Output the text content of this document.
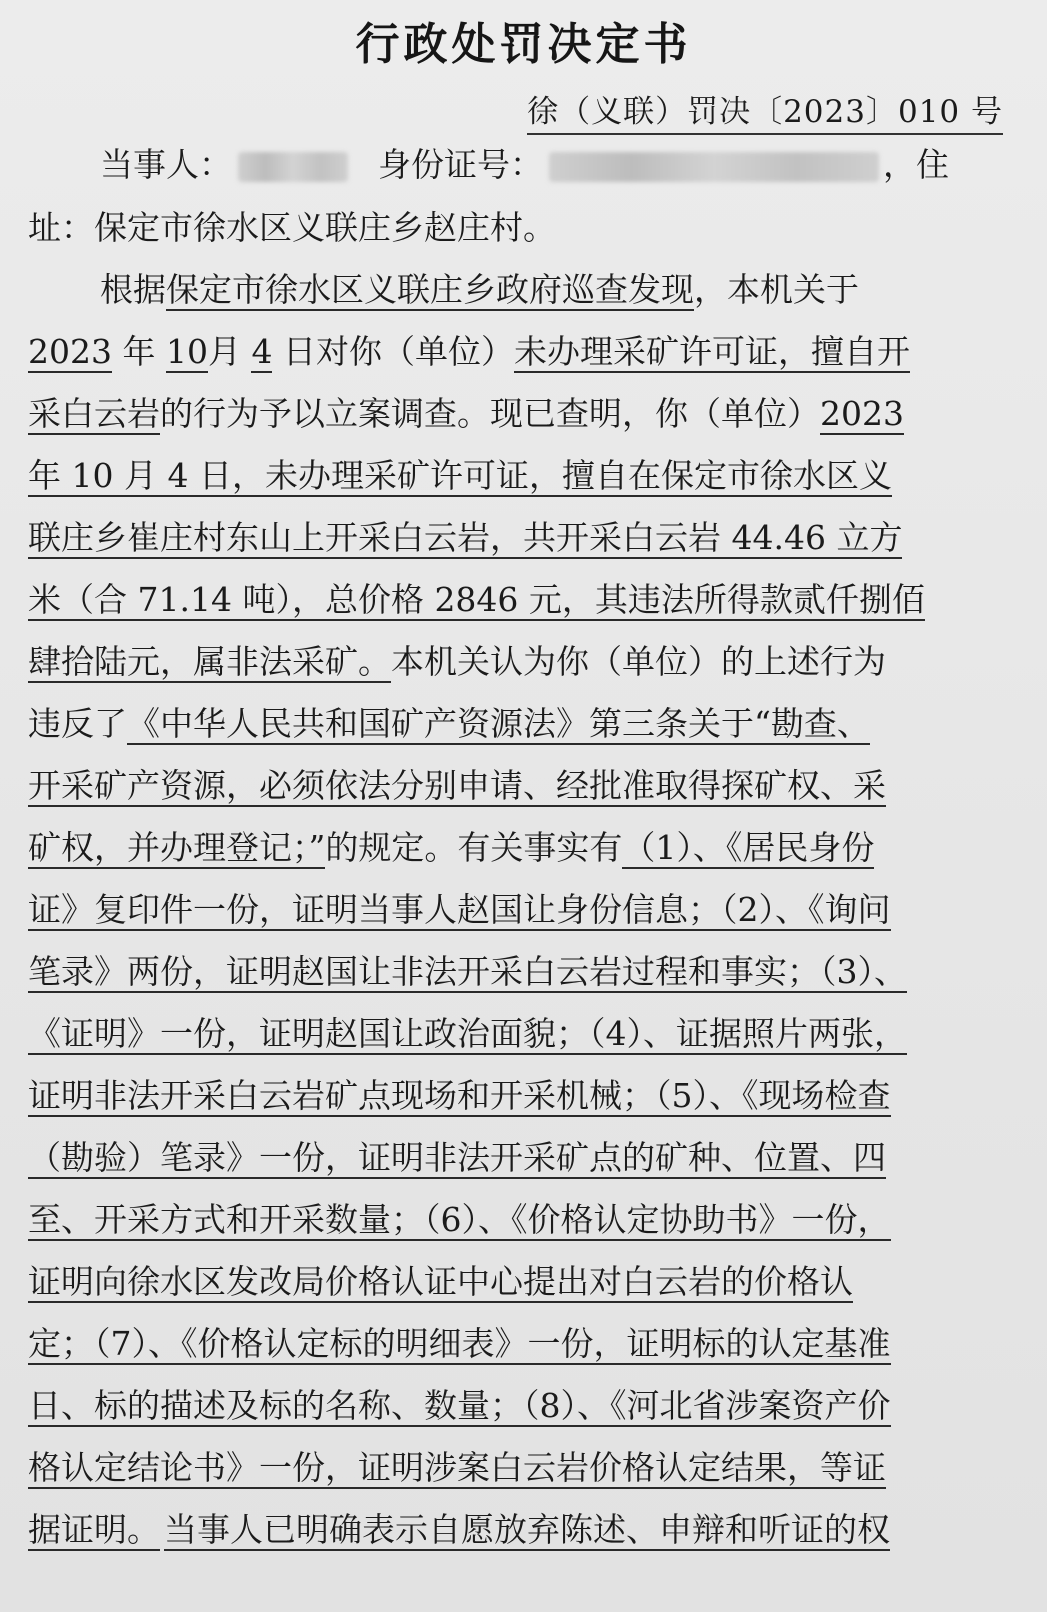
行政处罚决定书
徐（义联）罚决〔2023〕010 号
当事人：	身份证号：	，住
址：保定市徐水区义联庄乡赵庄村。
根据保定市徐水区义联庄乡政府巡查发现，本机关于
2023 年 10月 4 日对你（单位）未办理采矿许可证，擅自开
采白云岩的行为予以立案调查。现已查明，你（单位）2023
年 10 月 4 日，未办理采矿许可证，擅自在保定市徐水区义
联庄乡崔庄村东山上开采白云岩，共开采白云岩 44.46 立方
米（合 71.14 吨），总价格 2846 元，其违法所得款贰仟捌佰
肆拾陆元，属非法采矿。本机关认为你（单位）的上述行为
违反了《中华人民共和国矿产资源法》第三条关于“勘查、
开采矿产资源，必须依法分别申请、经批准取得探矿权、采
矿权，并办理登记；”的规定。有关事实有（1）、《居民身份
证》复印件一份，证明当事人赵国让身份信息；（2）、《询问
笔录》两份，证明赵国让非法开采白云岩过程和事实；（3）、
《证明》一份，证明赵国让政治面貌；（4）、证据照片两张，
证明非法开采白云岩矿点现场和开采机械；（5）、《现场检查
（勘验）笔录》一份，证明非法开采矿点的矿种、位置、四
至、开采方式和开采数量；（6）、《价格认定协助书》一份，
证明向徐水区发改局价格认证中心提出对白云岩的价格认
定；（7）、《价格认定标的明细表》一份，证明标的认定基准
日、标的描述及标的名称、数量；（8）、《河北省涉案资产价
格认定结论书》一份，证明涉案白云岩价格认定结果，等证
据证明。 当事人已明确表示自愿放弃陈述、申辩和听证的权
